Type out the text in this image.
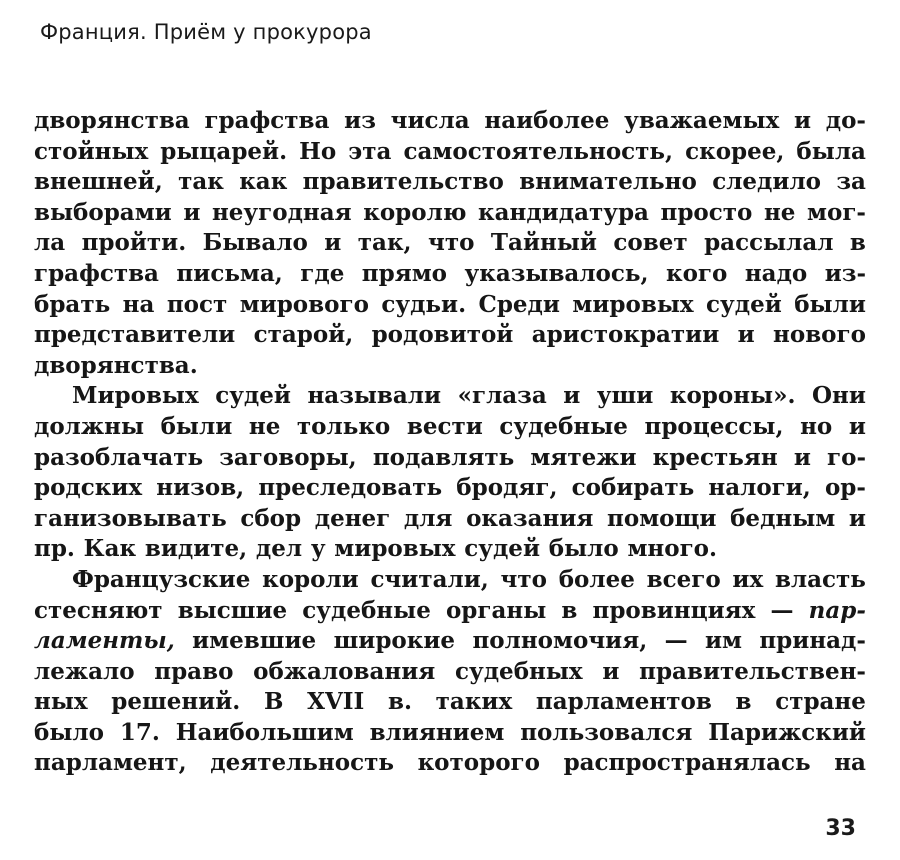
Франция. Приём у прокурора
дворянства графства из числа наиболее уважаемых и до-
стойных рыцарей. Но эта самостоятельность, скорее, была
внешней, так как правительство внимательно следило за
выборами и неугодная королю кандидатура просто не мог-
ла пройти. Бывало и так, что Тайный совет рассылал в
графства письма, где прямо указывалось, кого надо из-
брать на пост мирового судьи. Среди мировых судей были
представители старой, родовитой аристократии и нового
дворянства.
Мировых судей называли «глаза и уши короны». Они
должны были не только вести судебные процессы, но и
разоблачать заговоры, подавлять мятежи крестьян и го-
родских низов, преследовать бродяг, собирать налоги, ор-
ганизовывать сбор денег для оказания помощи бедным и
пр. Как видите, дел у мировых судей было много.
Французские короли считали, что более всего их власть
стесняют высшие судебные органы в провинциях — пар-
ламенты, имевшие широкие полномочия, — им принад-
лежало право обжалования судебных и правительствен-
ных решений. В XVII в. таких парламентов в стране
было 17. Наибольшим влиянием пользовался Парижский
парламент, деятельность которого распространялась на
33
